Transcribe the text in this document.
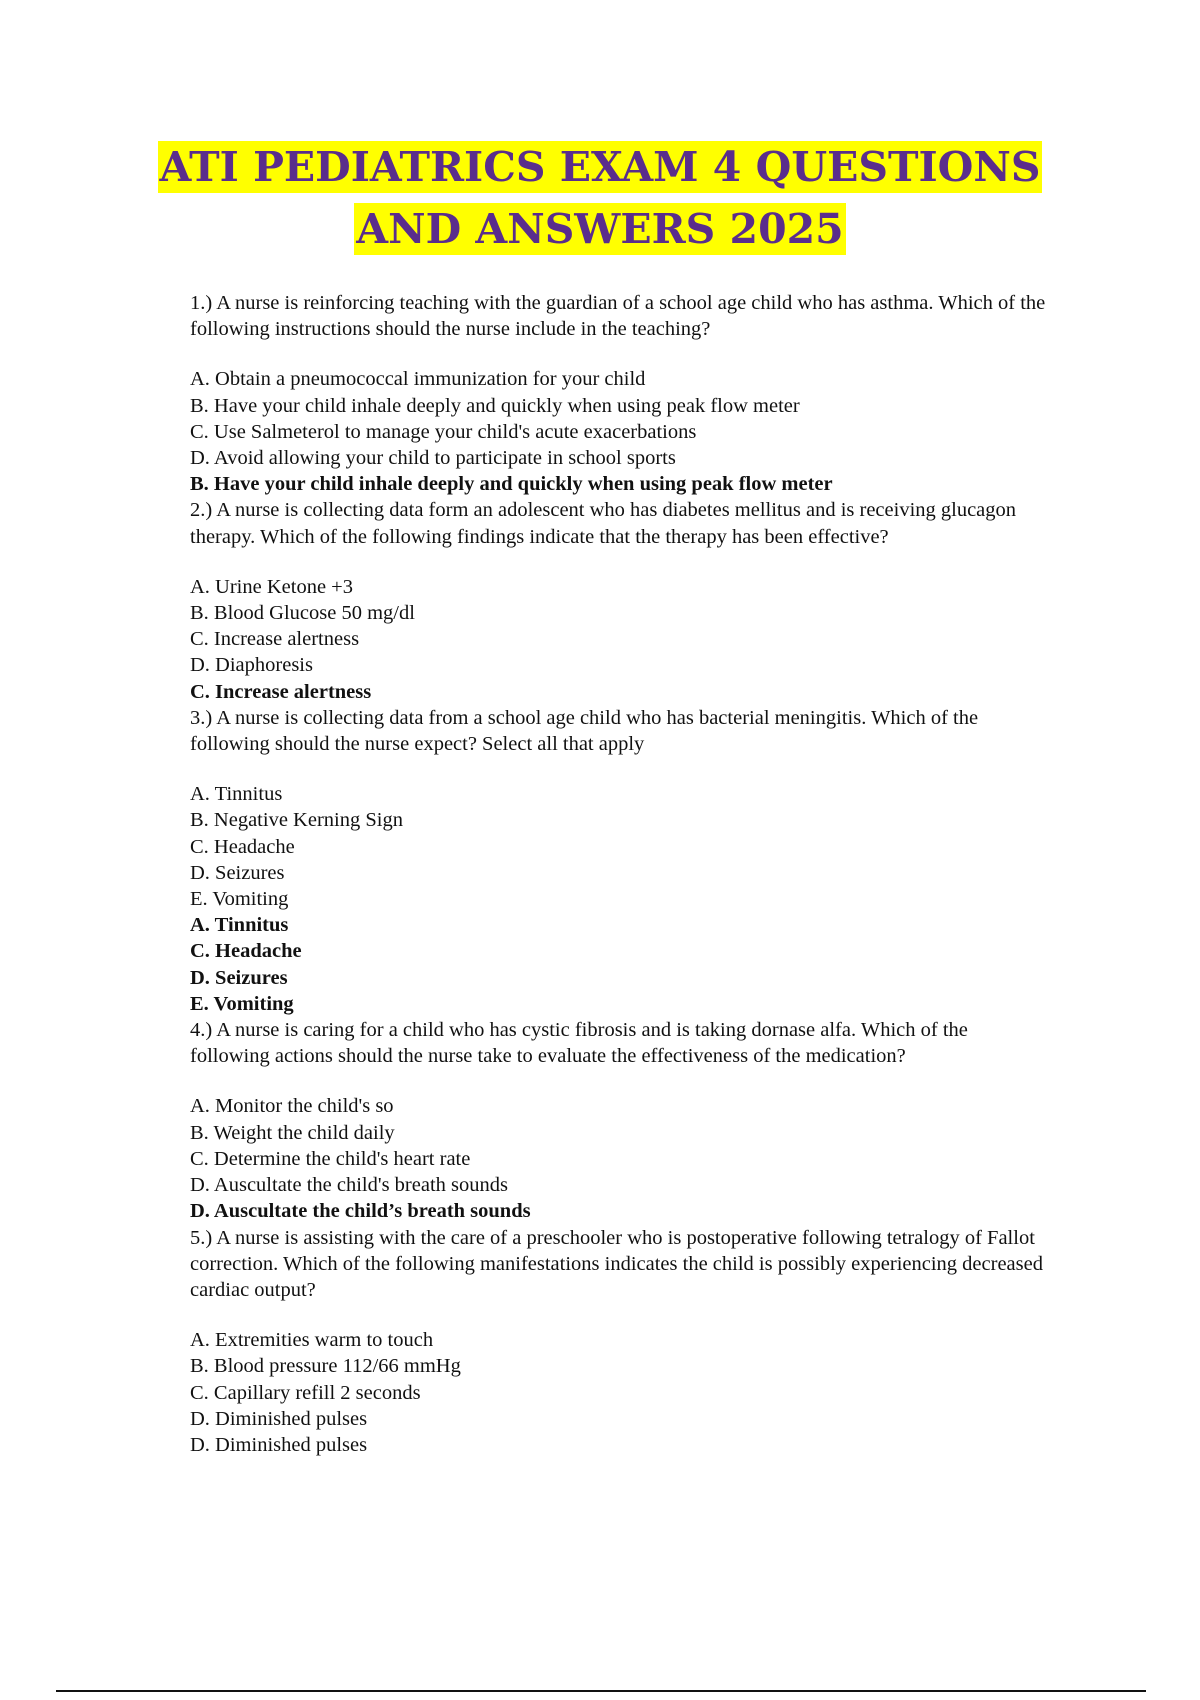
ATI PEDIATRICS EXAM 4 QUESTIONS
AND ANSWERS 2025

1.) A nurse is reinforcing teaching with the guardian of a school age child who has asthma. Which of the following instructions should the nurse include in the teaching?

A. Obtain a pneumococcal immunization for your child

B. Have your child inhale deeply and quickly when using peak flow meter

C. Use Salmeterol to manage your child's acute exacerbations

D. Avoid allowing your child to participate in school sports

B. Have your child inhale deeply and quickly when using peak flow meter

2.) A nurse is collecting data form an adolescent who has diabetes mellitus and is receiving glucagon therapy. Which of the following findings indicate that the therapy has been effective?

A. Urine Ketone +3

B. Blood Glucose 50 mg/dl

C. Increase alertness

D. Diaphoresis

C. Increase alertness

3.) A nurse is collecting data from a school age child who has bacterial meningitis. Which of the following should the nurse expect? Select all that apply

A. Tinnitus

B. Negative Kerning Sign

C. Headache

D. Seizures

E. Vomiting

A. Tinnitus

C. Headache

D. Seizures

E. Vomiting

4.) A nurse is caring for a child who has cystic fibrosis and is taking dornase alfa. Which of the following actions should the nurse take to evaluate the effectiveness of the medication?

A. Monitor the child's so

B. Weight the child daily

C. Determine the child's heart rate

D. Auscultate the child's breath sounds

D. Auscultate the child’s breath sounds

5.) A nurse is assisting with the care of a preschooler who is postoperative following tetralogy of Fallot correction. Which of the following manifestations indicates the child is possibly experiencing decreased cardiac output?

A. Extremities warm to touch

B. Blood pressure 112/66 mmHg

C. Capillary refill 2 seconds

D. Diminished pulses

D. Diminished pulses
